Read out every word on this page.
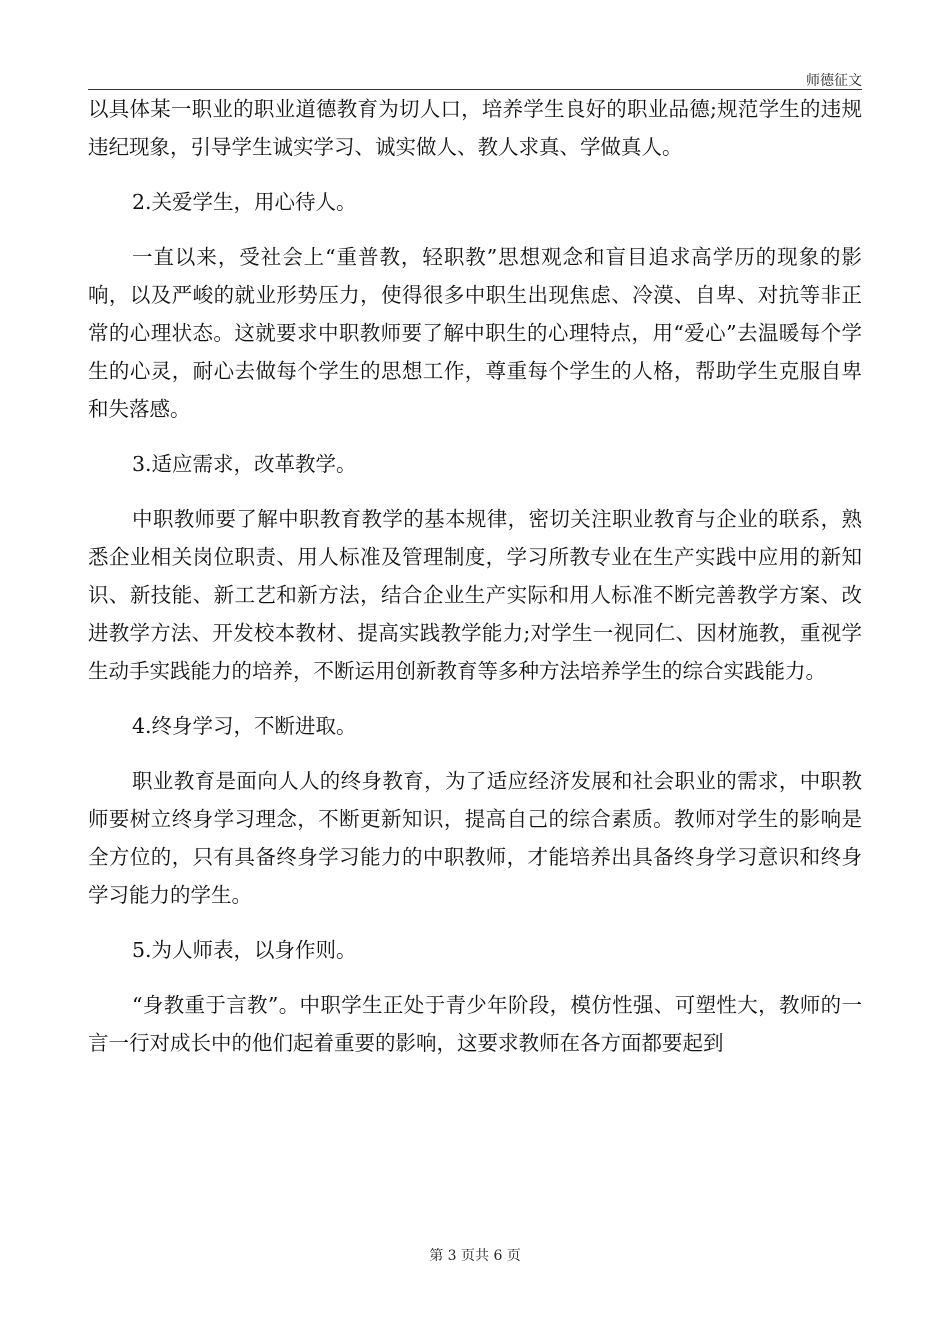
师德征文

以具体某一职业的职业道德教育为切人口，培养学生良好的职业品德;规范学生的违规违纪现象，引导学生诚实学习、诚实做人、教人求真、学做真人。

2.关爱学生，用心待人。

一直以来，受社会上“重普教，轻职教”思想观念和盲目追求高学历的现象的影响，以及严峻的就业形势压力，使得很多中职生出现焦虑、冷漠、自卑、对抗等非正常的心理状态。这就要求中职教师要了解中职生的心理特点，用“爱心”去温暖每个学生的心灵，耐心去做每个学生的思想工作，尊重每个学生的人格，帮助学生克服自卑和失落感。

3.适应需求，改革教学。

中职教师要了解中职教育教学的基本规律，密切关注职业教育与企业的联系，熟悉企业相关岗位职责、用人标准及管理制度，学习所教专业在生产实践中应用的新知识、新技能、新工艺和新方法，结合企业生产实际和用人标准不断完善教学方案、改进教学方法、开发校本教材、提高实践教学能力;对学生一视同仁、因材施教，重视学生动手实践能力的培养，不断运用创新教育等多种方法培养学生的综合实践能力。

4.终身学习，不断进取。

职业教育是面向人人的终身教育，为了适应经济发展和社会职业的需求，中职教师要树立终身学习理念，不断更新知识，提高自己的综合素质。教师对学生的影响是全方位的，只有具备终身学习能力的中职教师，才能培养出具备终身学习意识和终身学习能力的学生。

5.为人师表，以身作则。

“身教重于言教”。中职学生正处于青少年阶段，模仿性强、可塑性大，教师的一言一行对成长中的他们起着重要的影响，这要求教师在各方面都要起到

第 3 页共 6 页
